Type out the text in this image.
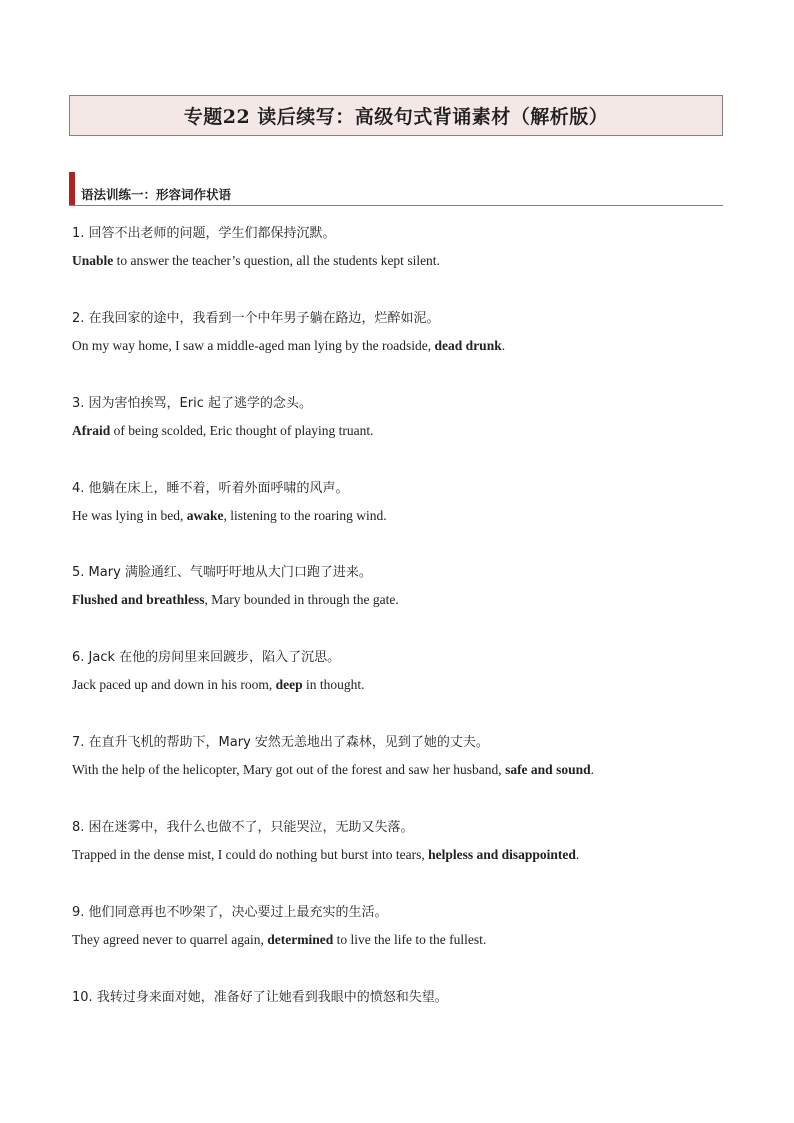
专题22 读后续写：高级句式背诵素材（解析版）
语法训练一：形容词作状语
1. 回答不出老师的问题，学生们都保持沉默。
Unable to answer the teacher’s question, all the students kept silent.
2. 在我回家的途中，我看到一个中年男子躺在路边，烂醉如泥。
On my way home, I saw a middle-aged man lying by the roadside, dead drunk.
3. 因为害怕挨骂，Eric 起了逃学的念头。
Afraid of being scolded, Eric thought of playing truant.
4. 他躺在床上，睡不着，听着外面呼啸的风声。
He was lying in bed, awake, listening to the roaring wind.
5. Mary 满脸通红、气喘吁吁地从大门口跑了进来。
Flushed and breathless, Mary bounded in through the gate.
6. Jack 在他的房间里来回踱步，陷入了沉思。
Jack paced up and down in his room, deep in thought.
7. 在直升飞机的帮助下，Mary 安然无恙地出了森林，见到了她的丈夫。
With the help of the helicopter, Mary got out of the forest and saw her husband, safe and sound.
8. 困在迷雾中，我什么也做不了，只能哭泣，无助又失落。
Trapped in the dense mist, I could do nothing but burst into tears, helpless and disappointed.
9. 他们同意再也不吵架了，决心要过上最充实的生活。
They agreed never to quarrel again, determined to live the life to the fullest.
10. 我转过身来面对她，准备好了让她看到我眼中的愤怒和失望。
